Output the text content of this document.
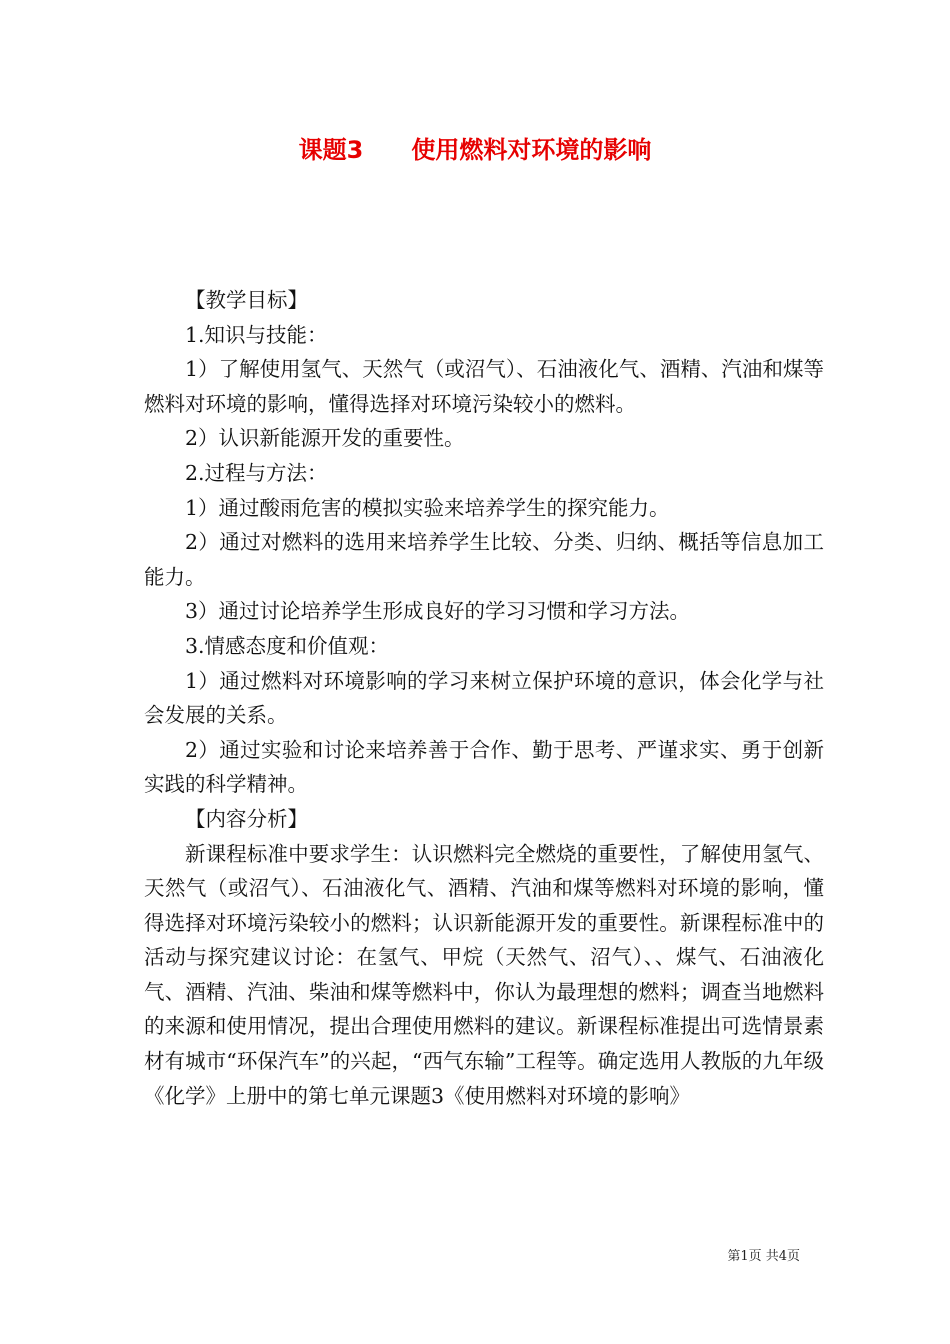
课题3　　使用燃料对环境的影响

【教学目标】

1.知识与技能：

1）了解使用氢气、天然气（或沼气）、石油液化气、酒精、汽油和煤等燃料对环境的影响，懂得选择对环境污染较小的燃料。

2）认识新能源开发的重要性。

2.过程与方法：

1）通过酸雨危害的模拟实验来培养学生的探究能力。

2）通过对燃料的选用来培养学生比较、分类、归纳、概括等信息加工能力。

3）通过讨论培养学生形成良好的学习习惯和学习方法。

3.情感态度和价值观：

1）通过燃料对环境影响的学习来树立保护环境的意识，体会化学与社会发展的关系。

2）通过实验和讨论来培养善于合作、勤于思考、严谨求实、勇于创新实践的科学精神。

【内容分析】

新课程标准中要求学生：认识燃料完全燃烧的重要性，了解使用氢气、天然气（或沼气）、石油液化气、酒精、汽油和煤等燃料对环境的影响，懂得选择对环境污染较小的燃料；认识新能源开发的重要性。新课程标准中的活动与探究建议讨论：在氢气、甲烷（天然气、沼气）、、煤气、石油液化气、酒精、汽油、柴油和煤等燃料中，你认为最理想的燃料；调查当地燃料的来源和使用情况，提出合理使用燃料的建议。新课程标准提出可选情景素材有城市“环保汽车”的兴起，“西气东输”工程等。确定选用人教版的九年级《化学》上册中的第七单元课题3《使用燃料对环境的影响》

第1页 共4页
